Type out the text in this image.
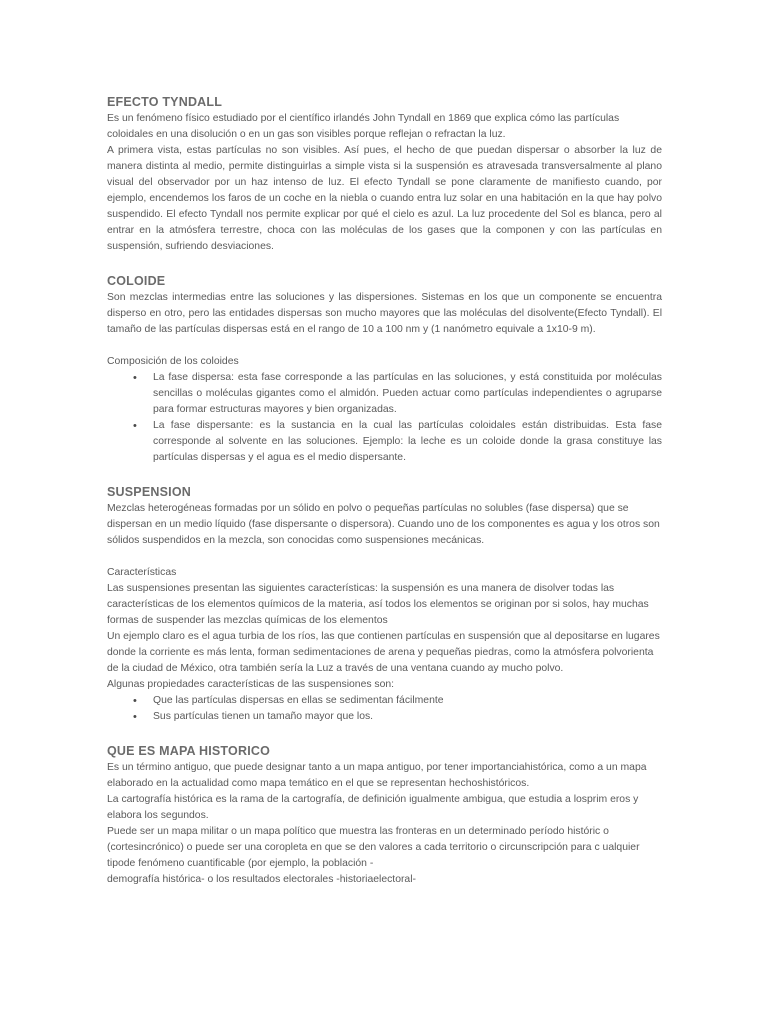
EFECTO TYNDALL

Es un fenómeno físico estudiado por el científico irlandés John Tyndall en 1869 que explica cómo las partículas coloidales en una disolución o en un gas son visibles porque reflejan o refractan la luz.

A primera vista, estas partículas no son visibles. Así pues, el hecho de que puedan dispersar o absorber la luz de manera distinta al medio, permite distinguirlas a simple vista si la suspensión es atravesada transversalmente al plano visual del observador por un haz intenso de luz. El efecto Tyndall se pone claramente de manifiesto cuando, por ejemplo, encendemos los faros de un coche en la niebla o cuando entra luz solar en una habitación en la que hay polvo suspendido. El efecto Tyndall nos permite explicar por qué el cielo es azul. La luz procedente del Sol es blanca, pero al entrar en la atmósfera terrestre, choca con las moléculas de los gases que la componen y con las partículas en suspensión, sufriendo desviaciones.

COLOIDE

Son mezclas intermedias entre las soluciones y las dispersiones. Sistemas en los que un componente se encuentra disperso en otro, pero las entidades dispersas son mucho mayores que las moléculas del disolvente(Efecto Tyndall). El tamaño de las partículas dispersas está en el rango de 10 a 100 nm y (1 nanómetro equivale a 1x10-9 m).

Composición de los coloides

• La fase dispersa: esta fase corresponde a las partículas en las soluciones, y está constituida por moléculas sencillas o moléculas gigantes como el almidón. Pueden actuar como partículas independientes o agruparse para formar estructuras mayores y bien organizadas.
• La fase dispersante: es la sustancia en la cual las partículas coloidales están distribuidas. Esta fase corresponde al solvente en las soluciones. Ejemplo: la leche es un coloide donde la grasa constituye las partículas dispersas y el agua es el medio dispersante.
SUSPENSION

Mezclas heterogéneas formadas por un sólido en polvo o pequeñas partículas no solubles (fase dispersa) que se dispersan en un medio líquido (fase dispersante o dispersora). Cuando uno de los componentes es agua y los otros son sólidos suspendidos en la mezcla, son conocidas como suspensiones mecánicas.

Características

Las suspensiones presentan las siguientes características: la suspensión es una manera de disolver todas las características de los elementos químicos de la materia, así todos los elementos se originan por si solos, hay muchas formas de suspender las mezclas químicas de los elementos

Un ejemplo claro es el agua turbia de los ríos, las que contienen partículas en suspensión que al depositarse en lugares donde la corriente es más lenta, forman sedimentaciones de arena y pequeñas piedras, como la atmósfera polvorienta de la ciudad de México, otra también sería la Luz a través de una ventana cuando ay mucho polvo.

Algunas propiedades características de las suspensiones son:

• Que las partículas dispersas en ellas se sedimentan fácilmente
• Sus partículas tienen un tamaño mayor que los.
QUE ES MAPA HISTORICO

Es un término antiguo, que puede designar tanto a un mapa antiguo, por tener importanciahistórica, como a un mapa elaborado en la actualidad como mapa temático en el que se representan hechoshistóricos.

La cartografía histórica es la rama de la cartografía, de definición igualmente ambigua, que estudia a losprim eros y elabora los segundos.

Puede ser un mapa militar o un mapa político que muestra las fronteras en un determinado período históric o (cortesincrónico) o puede ser una coropleta en que se den valores a cada territorio o circunscripción para c ualquier tipode fenómeno cuantificable (por ejemplo, la población -

demografía histórica- o los resultados electorales -historiaelectoral-
